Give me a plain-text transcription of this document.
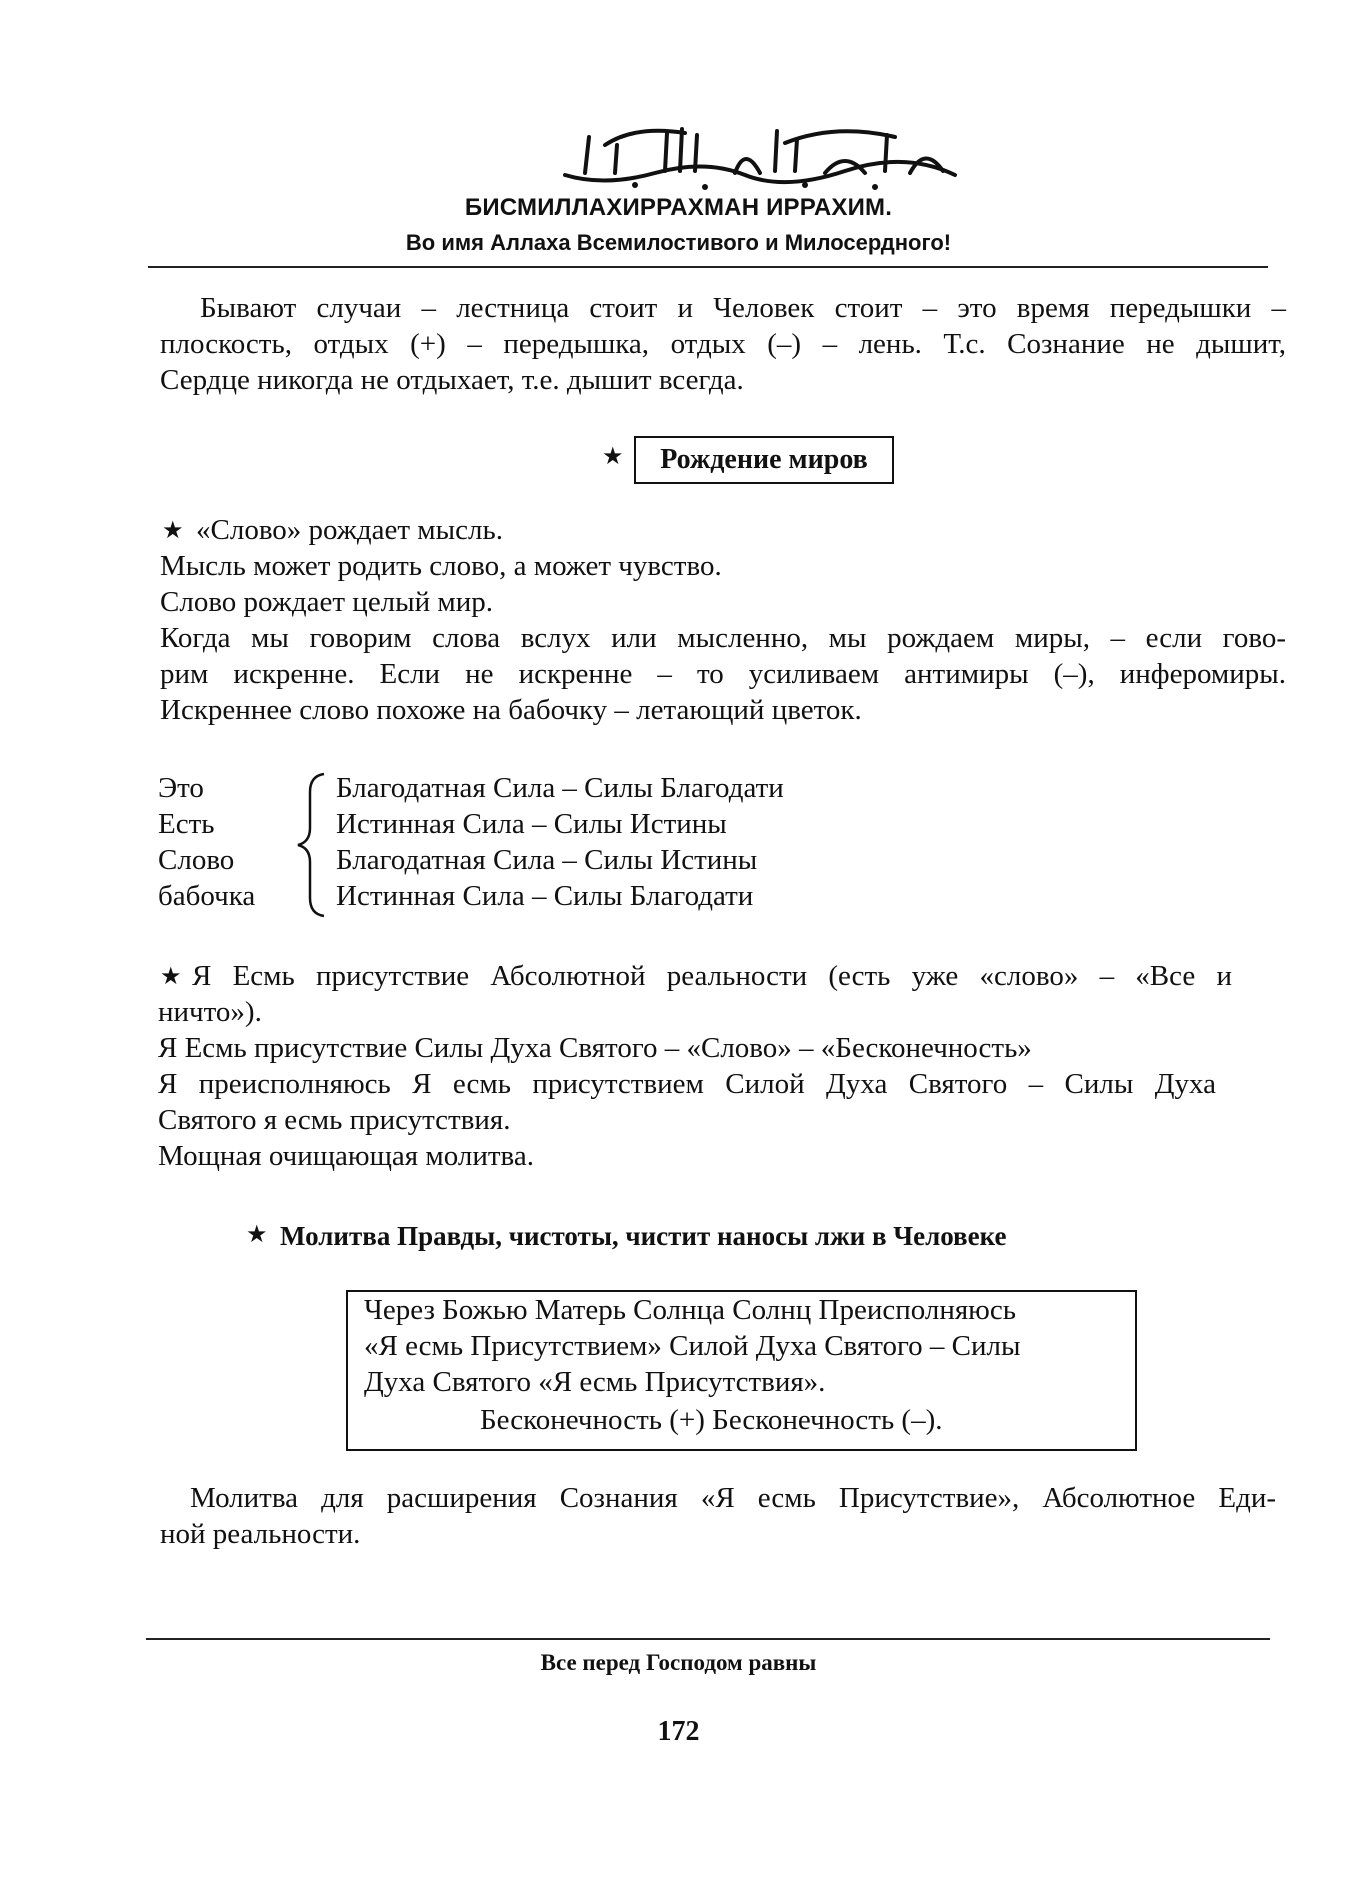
БИСМИЛЛАХИРРАХМАН ИРРАХИМ.
Во имя Аллаха Всемилостивого и Милосердного!
Бывают случаи – лестница стоит и Человек стоит – это время передышки –
плоскость, отдых (+) – передышка, отдых (–) – лень. Т.с. Сознание не дышит,
Сердце никогда не отдыхает, т.е. дышит всегда.
★	Рождение миров
★ «Слово» рождает мысль.
Мысль может родить слово, а может чувство.
Слово рождает целый мир.
Когда мы говорим слова вслух или мысленно, мы рождаем миры, – если гово-
рим искренне. Если не искренне – то усиливаем антимиры (–), инферомиры.
Искреннее слово похоже на бабочку – летающий цветок.
Это
Есть
Слово
бабочка
Благодатная Сила – Силы Благодати
Истинная Сила – Силы Истины
Благодатная Сила – Силы Истины
Истинная Сила – Силы Благодати
★ Я Есмь присутствие Абсолютной реальности (есть уже «слово» – «Все и
ничто»).
Я Есмь присутствие Силы Духа Святого – «Слово» – «Бесконечность»
Я преисполняюсь Я есмь присутствием Силой Духа Святого – Силы Духа
Святого я есмь присутствия.
Мощная очищающая молитва.
★ Молитва Правды, чистоты, чистит наносы лжи в Человеке
Через Божью Матерь Солнца Солнц Преисполняюсь
«Я есмь Присутствием» Силой Духа Святого – Силы
Духа Святого «Я есмь Присутствия».
Бесконечность (+) Бесконечность (–).
Молитва для расширения Сознания «Я есмь Присутствие», Абсолютное Еди-
ной реальности.
Все перед Господом равны
172
